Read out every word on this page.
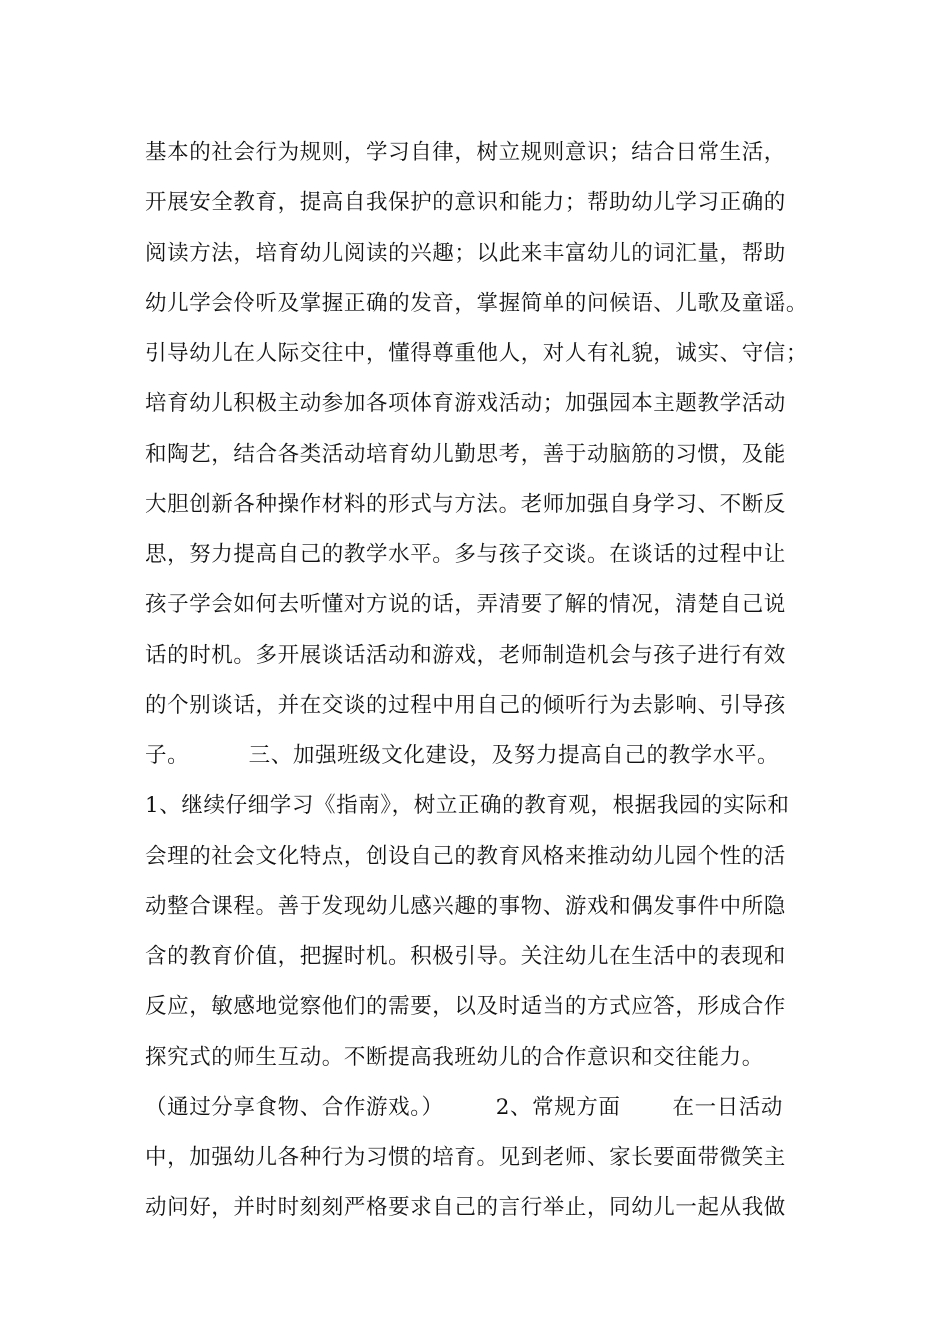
基本的社会行为规则，学习自律，树立规则意识；结合日常生活，
开展安全教育，提高自我保护的意识和能力；帮助幼儿学习正确的
阅读方法，培育幼儿阅读的兴趣；以此来丰富幼儿的词汇量，帮助
幼儿学会伶听及掌握正确的发音，掌握简单的问候语、儿歌及童谣。
引导幼儿在人际交往中，懂得尊重他人，对人有礼貌，诚实、守信；
培育幼儿积极主动参加各项体育游戏活动；加强园本主题教学活动
和陶艺，结合各类活动培育幼儿勤思考，善于动脑筋的习惯，及能
大胆创新各种操作材料的形式与方法。老师加强自身学习、不断反
思，努力提高自己的教学水平。多与孩子交谈。在谈话的过程中让
孩子学会如何去听懂对方说的话，弄清要了解的情况，清楚自己说
话的时机。多开展谈话活动和游戏，老师制造机会与孩子进行有效
的个别谈话，并在交谈的过程中用自己的倾听行为去影响、引导孩
子。        三、加强班级文化建设，及努力提高自己的教学水平。
1、继续仔细学习《指南》，树立正确的教育观，根据我园的实际和
会理的社会文化特点，创设自己的教育风格来推动幼儿园个性的活
动整合课程。善于发现幼儿感兴趣的事物、游戏和偶发事件中所隐
含的教育价值，把握时机。积极引导。关注幼儿在生活中的表现和
反应，敏感地觉察他们的需要，以及时适当的方式应答，形成合作
探究式的师生互动。不断提高我班幼儿的合作意识和交往能力。
（通过分享食物、合作游戏。）       2、常规方面       在一日活动
中，加强幼儿各种行为习惯的培育。见到老师、家长要面带微笑主
动问好，并时时刻刻严格要求自己的言行举止，同幼儿一起从我做
